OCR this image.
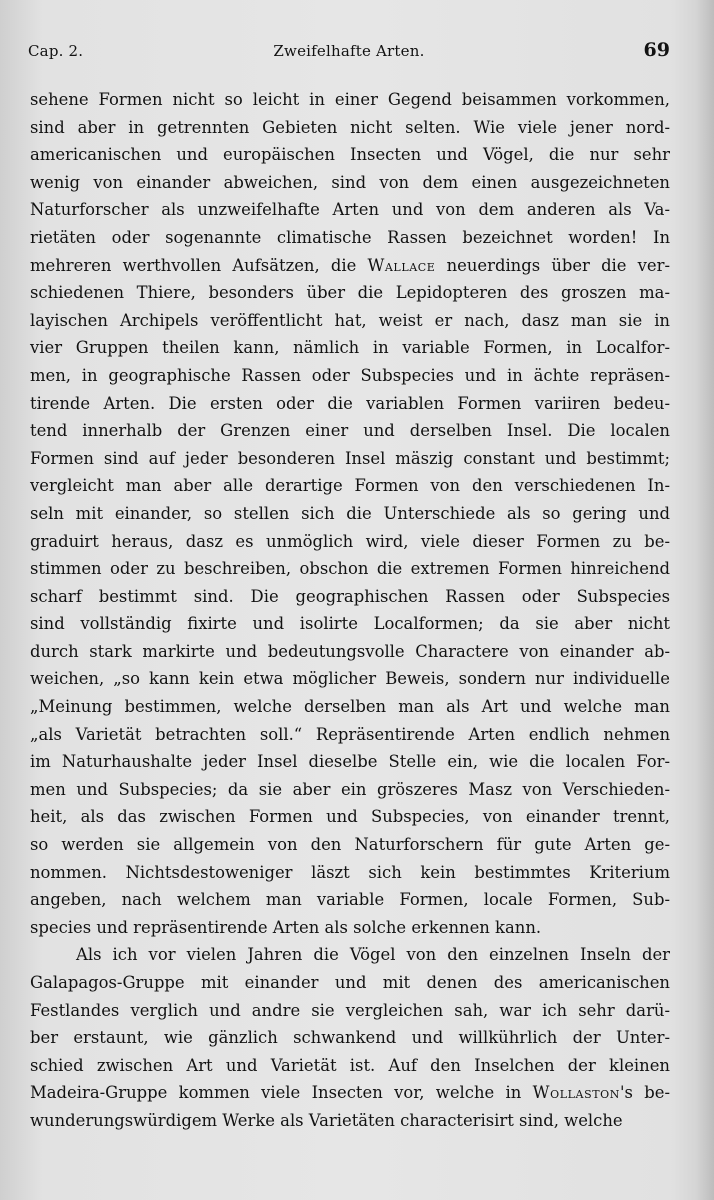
Cap. 2.	Zweifelhafte Arten.	69
sehene Formen nicht so leicht in einer Gegend beisammen vorkommen,
sind aber in getrennten Gebieten nicht selten. Wie viele jener nord-
americanischen und europäischen Insecten und Vögel, die nur sehr
wenig von einander abweichen, sind von dem einen ausgezeichneten
Naturforscher als unzweifelhafte Arten und von dem anderen als Va-
rietäten oder sogenannte climatische Rassen bezeichnet worden! In
mehreren werthvollen Aufsätzen, die Wallace neuerdings über die ver-
schiedenen Thiere, besonders über die Lepidopteren des groszen ma-
layischen Archipels veröffentlicht hat, weist er nach, dasz man sie in
vier Gruppen theilen kann, nämlich in variable Formen, in Localfor-
men, in geographische Rassen oder Subspecies und in ächte repräsen-
tirende Arten. Die ersten oder die variablen Formen variiren bedeu-
tend innerhalb der Grenzen einer und derselben Insel. Die localen
Formen sind auf jeder besonderen Insel mäszig constant und bestimmt;
vergleicht man aber alle derartige Formen von den verschiedenen In-
seln mit einander, so stellen sich die Unterschiede als so gering und
graduirt heraus, dasz es unmöglich wird, viele dieser Formen zu be-
stimmen oder zu beschreiben, obschon die extremen Formen hinreichend
scharf bestimmt sind. Die geographischen Rassen oder Subspecies
sind vollständig fixirte und isolirte Localformen; da sie aber nicht
durch stark markirte und bedeutungsvolle Charactere von einander ab-
weichen, „so kann kein etwa möglicher Beweis, sondern nur individuelle
„Meinung bestimmen, welche derselben man als Art und welche man
„als Varietät betrachten soll.“ Repräsentirende Arten endlich nehmen
im Naturhaushalte jeder Insel dieselbe Stelle ein, wie die localen For-
men und Subspecies; da sie aber ein gröszeres Masz von Verschieden-
heit, als das zwischen Formen und Subspecies, von einander trennt,
so werden sie allgemein von den Naturforschern für gute Arten ge-
nommen. Nichtsdestoweniger läszt sich kein bestimmtes Kriterium
angeben, nach welchem man variable Formen, locale Formen, Sub-
species und repräsentirende Arten als solche erkennen kann.
Als ich vor vielen Jahren die Vögel von den einzelnen Inseln der
Galapagos-Gruppe mit einander und mit denen des americanischen
Festlandes verglich und andre sie vergleichen sah, war ich sehr darü-
ber erstaunt, wie gänzlich schwankend und willkührlich der Unter-
schied zwischen Art und Varietät ist. Auf den Inselchen der kleinen
Madeira-Gruppe kommen viele Insecten vor, welche in Wollaston's be-
wunderungswürdigem Werke als Varietäten characterisirt sind, welche
